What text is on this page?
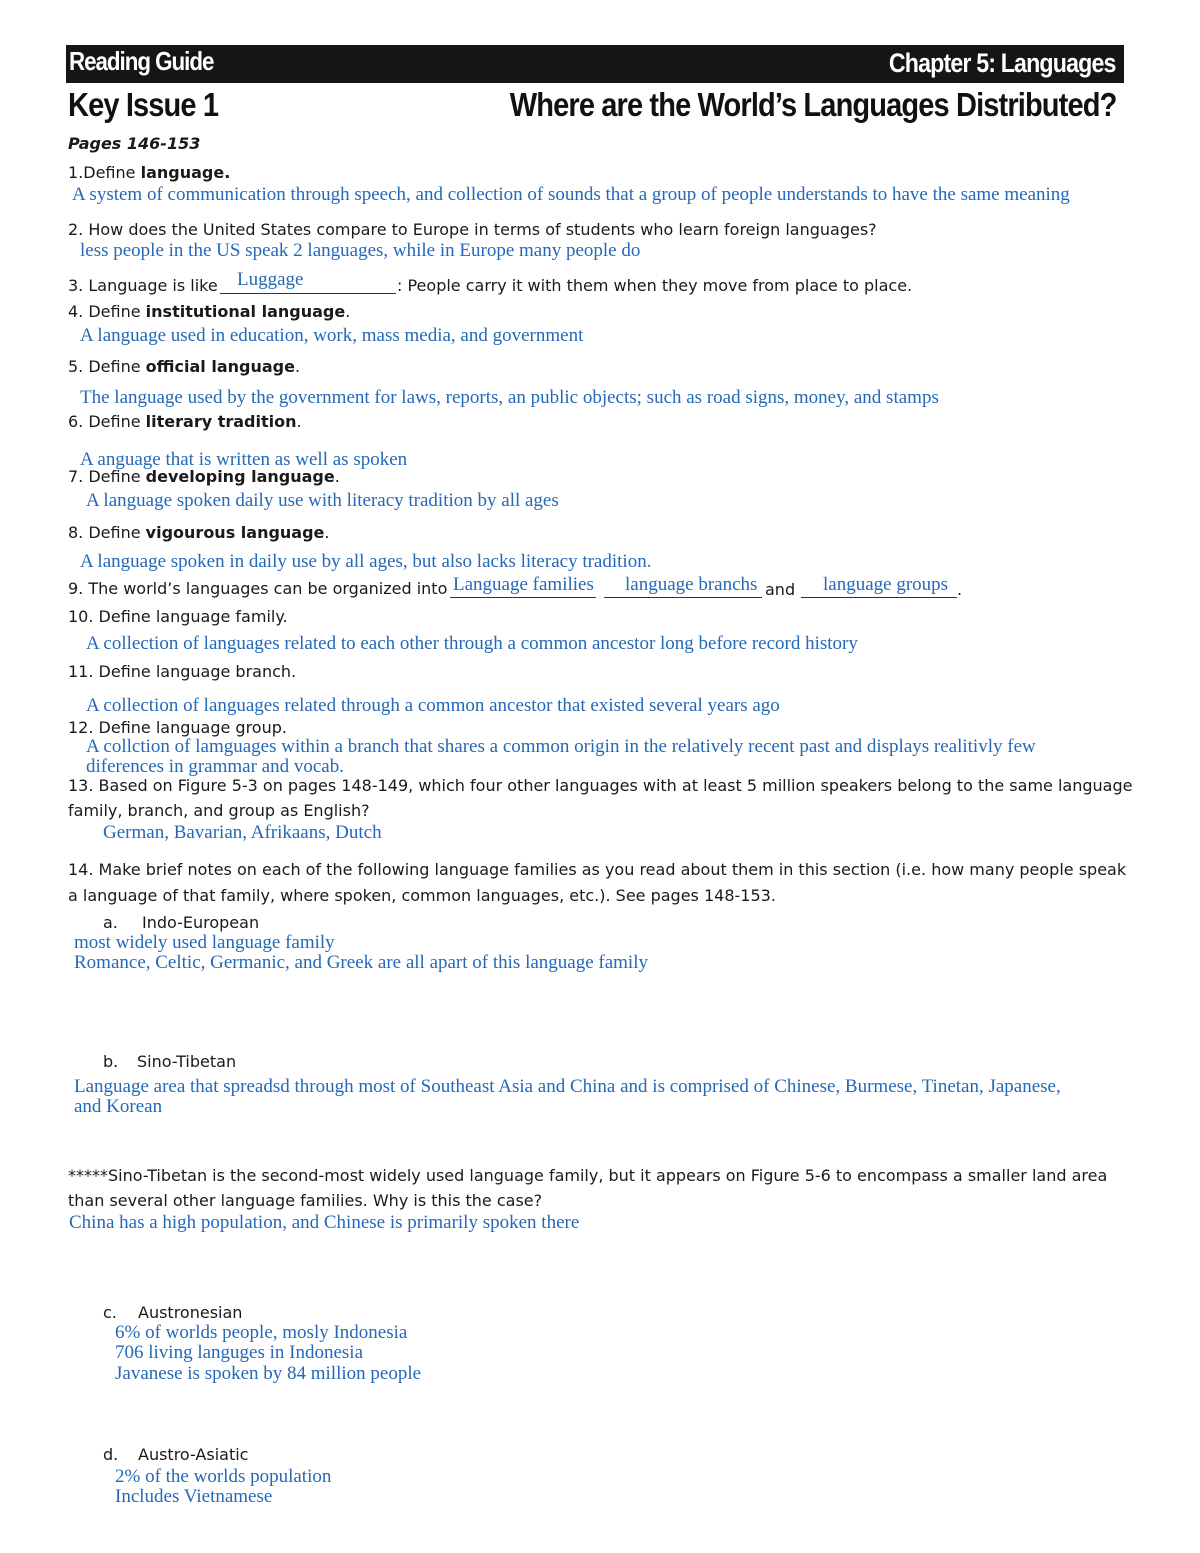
Reading Guide	Chapter 5: Languages
Key Issue 1	Where are the World’s Languages Distributed?
Pages 146-153
1.Define language.
A system of communication through speech, and collection of sounds that a group of people understands to have the same meaning
2. How does the United States compare to Europe in terms of students who learn foreign languages?
less people in the US speak 2 languages, while in Europe many people do
3. Language is like Luggage	: People carry it with them when they move from place to place.
4. Define institutional language.
A language used in education, work, mass media, and government
5. Define official language.
The language used by the government for laws, reports, an public objects; such as road signs, money, and stamps
6. Define literary tradition.
A anguage that is written as well as spoken
7. Define developing language.
A language spoken daily use with literacy tradition by all ages
8. Define vigourous language.
A language spoken in daily use by all ages, but also lacks literacy tradition.
9. The world’s languages can be organized into Language families language branchs and language groups .
10. Define language family.
A collection of languages related to each other through a common ancestor long before record history
11. Define language branch.
A collection of languages related through a common ancestor that existed several years ago
12. Define language group.
A collction of lamguages within a branch that shares a common origin in the relatively recent past and displays realitivly few
diferences in grammar and vocab.
13. Based on Figure 5-3 on pages 148-149, which four other languages with at least 5 million speakers belong to the same language
family, branch, and group as English?
German, Bavarian, Afrikaans, Dutch
14. Make brief notes on each of the following language families as you read about them in this section (i.e. how many people speak
a language of that family, where spoken, common languages, etc.). See pages 148-153.
a. Indo-European
most widely used language family
Romance, Celtic, Germanic, and Greek are all apart of this language family
b. Sino-Tibetan
Language area that spreadsd through most of Southeast Asia and China and is comprised of Chinese, Burmese, Tinetan, Japanese,
and Korean
*****Sino-Tibetan is the second-most widely used language family, but it appears on Figure 5-6 to encompass a smaller land area
than several other language families. Why is this the case?
China has a high population, and Chinese is primarily spoken there
c. Austronesian
6% of worlds people, mosly Indonesia
706 living languges in Indonesia
Javanese is spoken by 84 million people
d. Austro-Asiatic
2% of the worlds population
Includes Vietnamese
